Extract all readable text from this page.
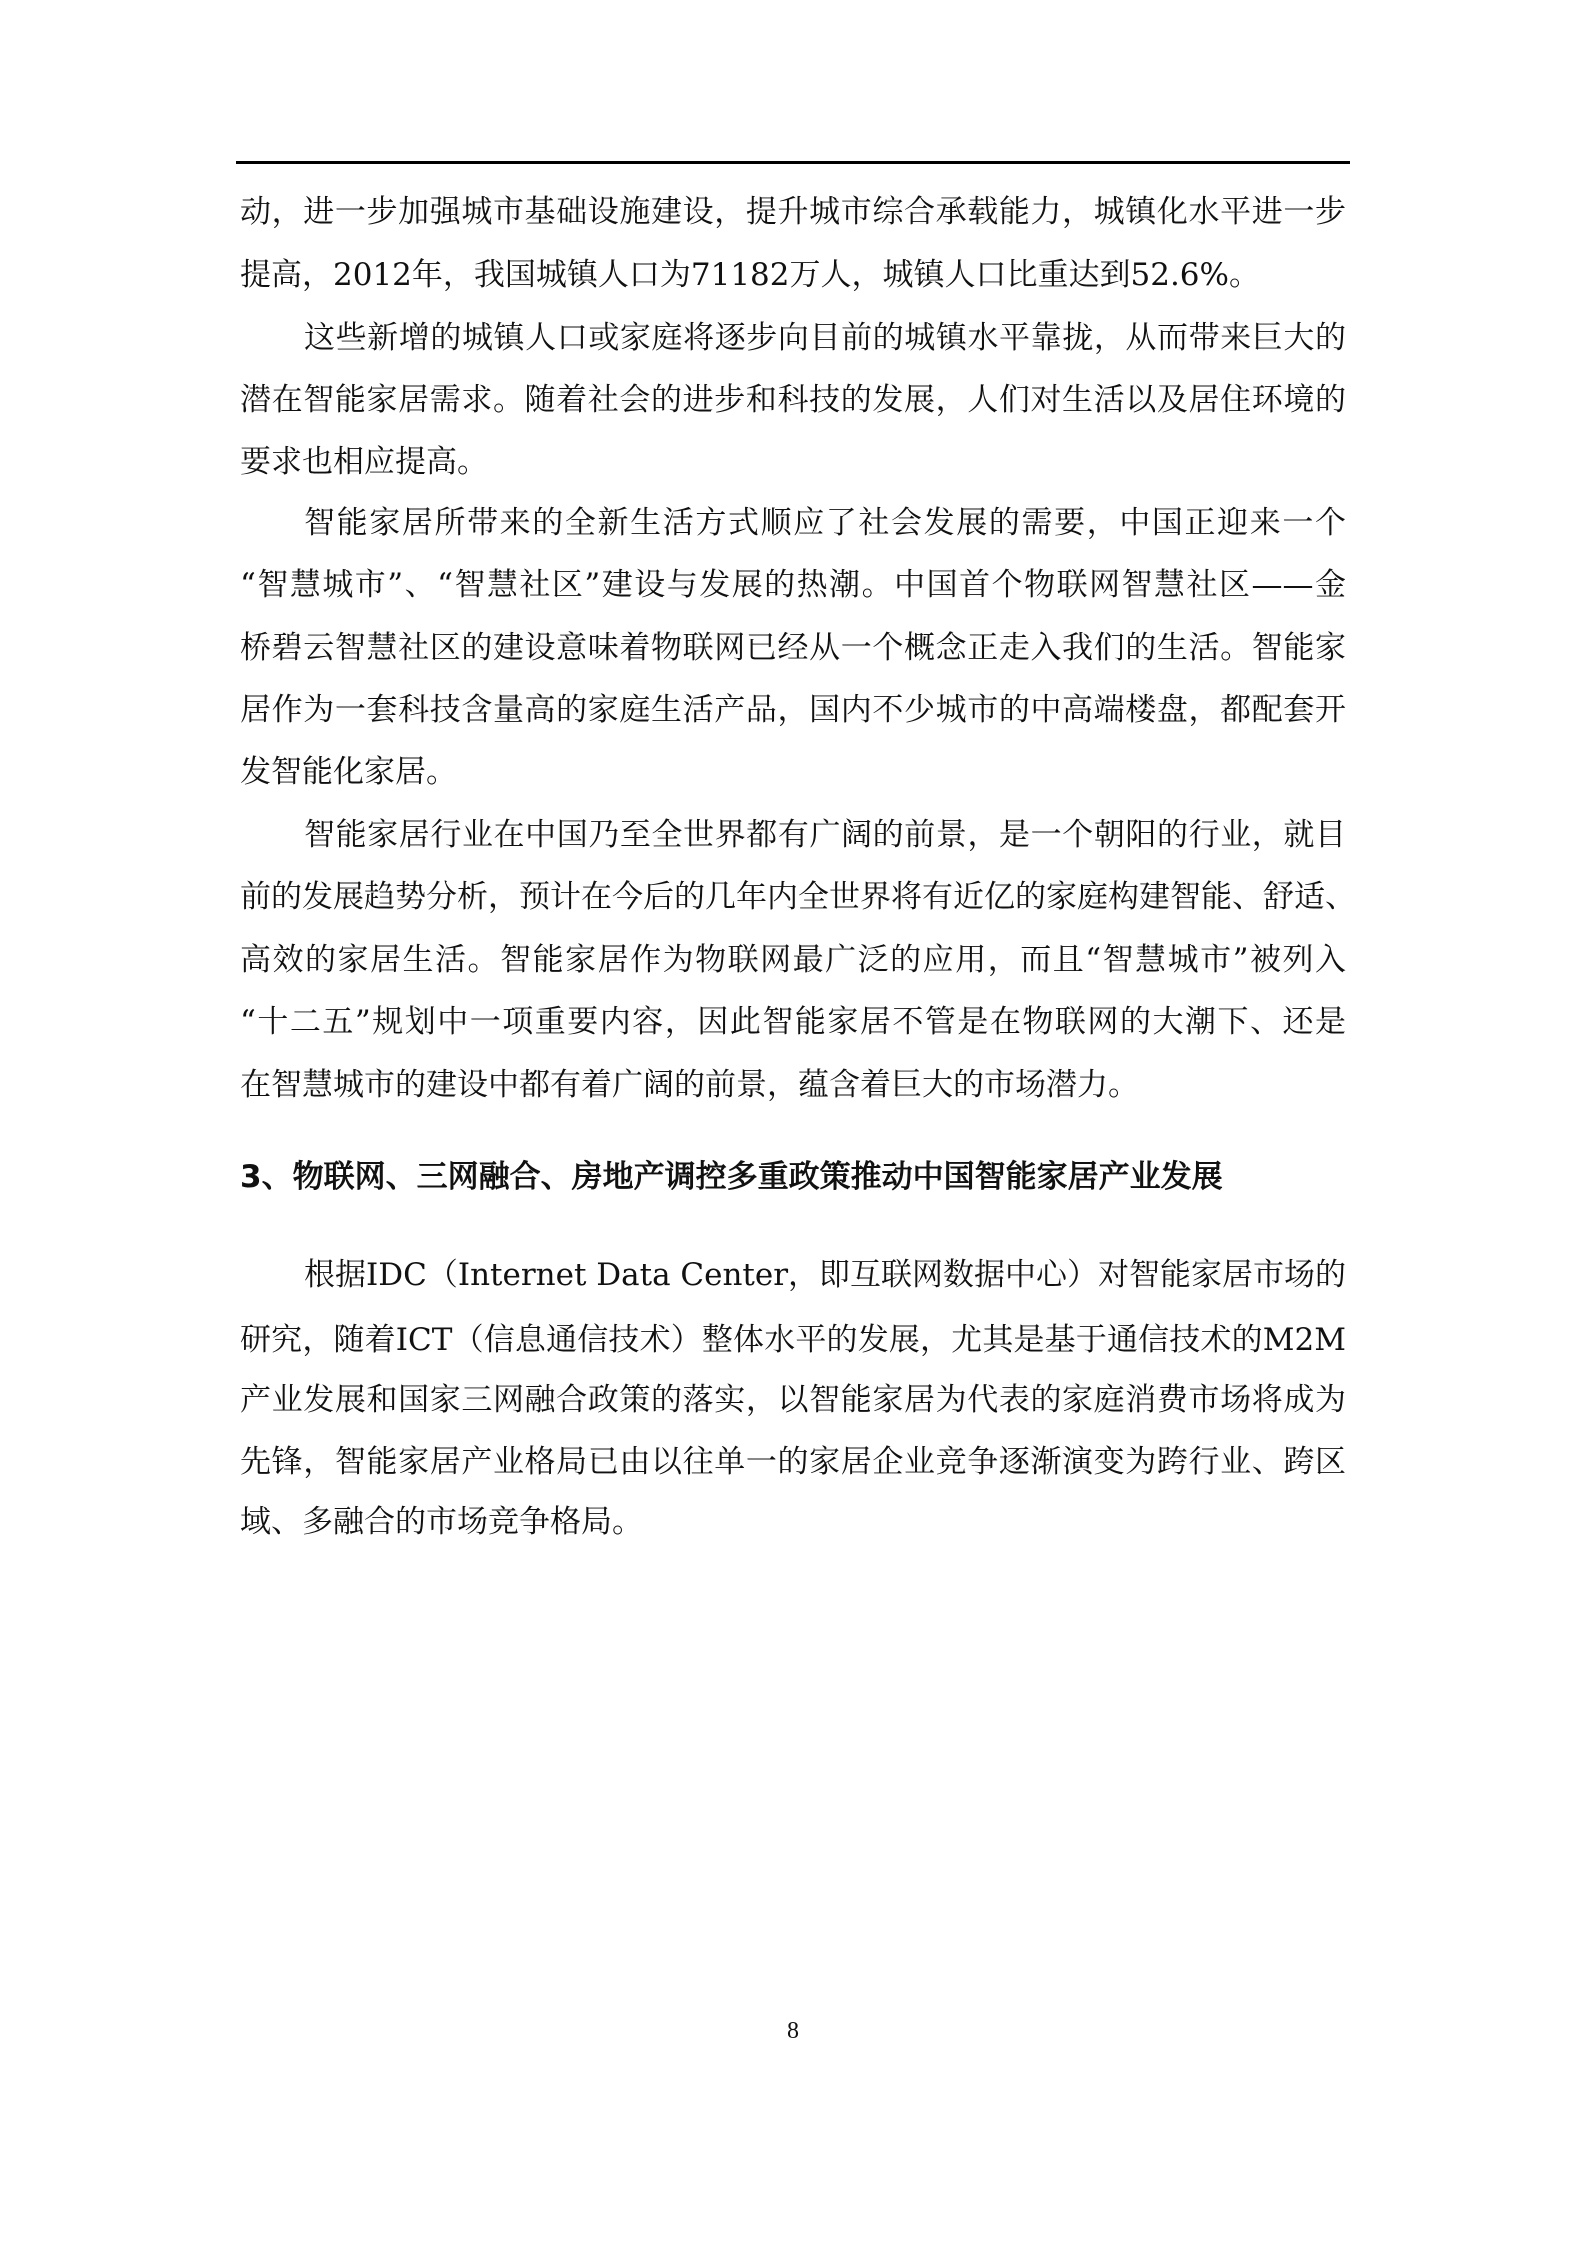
动，进一步加强城市基础设施建设，提升城市综合承载能力，城镇化水平进一步
提高，2012年，我国城镇人口为71182万人，城镇人口比重达到52.6%。
这些新增的城镇人口或家庭将逐步向目前的城镇水平靠拢，从而带来巨大的
潜在智能家居需求。随着社会的进步和科技的发展，人们对生活以及居住环境的
要求也相应提高。
智能家居所带来的全新生活方式顺应了社会发展的需要，中国正迎来一个
“智慧城市”、“智慧社区”建设与发展的热潮。中国首个物联网智慧社区——金
桥碧云智慧社区的建设意味着物联网已经从一个概念正走入我们的生活。智能家
居作为一套科技含量高的家庭生活产品，国内不少城市的中高端楼盘，都配套开
发智能化家居。
智能家居行业在中国乃至全世界都有广阔的前景，是一个朝阳的行业，就目
前的发展趋势分析，预计在今后的几年内全世界将有近亿的家庭构建智能、舒适、
高效的家居生活。智能家居作为物联网最广泛的应用，而且“智慧城市”被列入
“十二五”规划中一项重要内容，因此智能家居不管是在物联网的大潮下、还是
在智慧城市的建设中都有着广阔的前景，蕴含着巨大的市场潜力。
3、物联网、三网融合、房地产调控多重政策推动中国智能家居产业发展
根据IDC（Internet Data Center，即互联网数据中心）对智能家居市场的
研究，随着ICT（信息通信技术）整体水平的发展，尤其是基于通信技术的M2M
产业发展和国家三网融合政策的落实，以智能家居为代表的家庭消费市场将成为
先锋，智能家居产业格局已由以往单一的家居企业竞争逐渐演变为跨行业、跨区
域、多融合的市场竞争格局。
8
